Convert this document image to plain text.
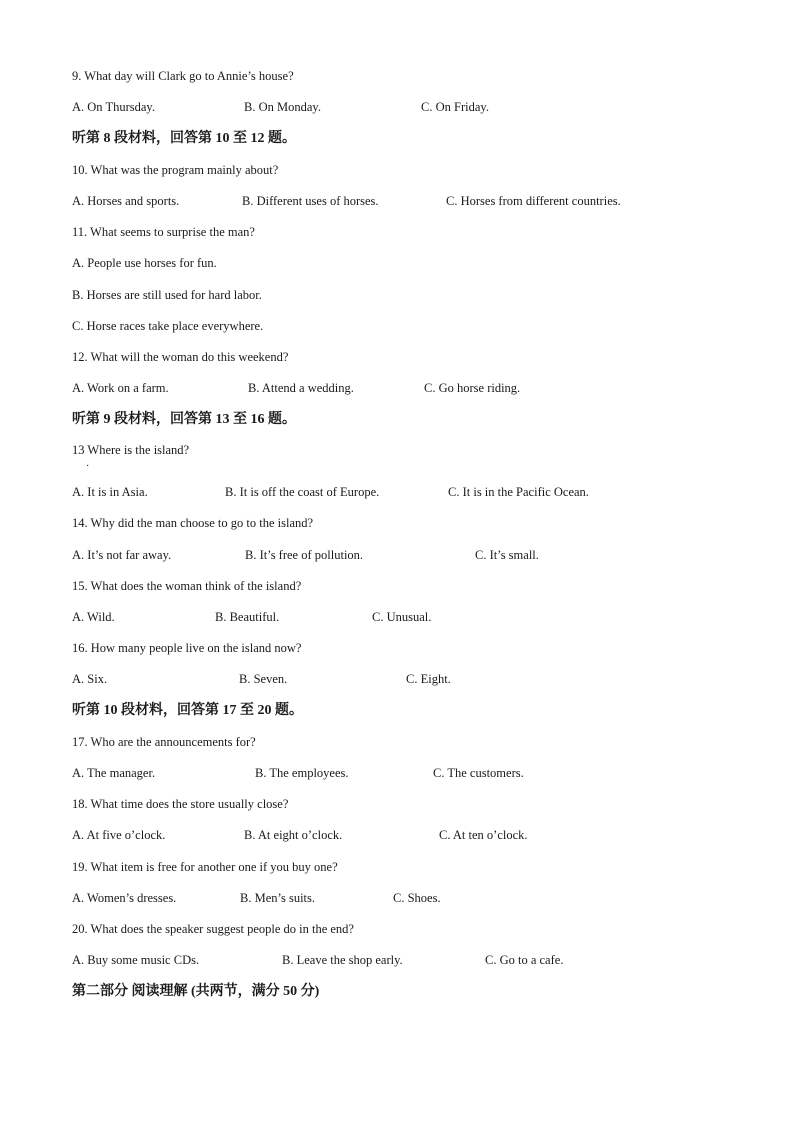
9. What day will Clark go to Annie’s house?
A. On Thursday.	B. On Monday.	C. On Friday.
听第 8 段材料，回答第 10 至 12 题。
10. What was the program mainly about?
A. Horses and sports.	B. Different uses of horses.	C. Horses from different countries.
11. What seems to surprise the man?
A. People use horses for fun.
B. Horses are still used for hard labor.
C. Horse races take place everywhere.
12. What will the woman do this weekend?
A. Work on a farm.	B. Attend a wedding.	C. Go horse riding.
听第 9 段材料，回答第 13 至 16 题。
13 Where is the island?
·
A. It is in Asia.	B. It is off the coast of Europe.	C. It is in the Pacific Ocean.
14. Why did the man choose to go to the island?
A. It’s not far away.	B. It’s free of pollution.	C. It’s small.
15. What does the woman think of the island?
A. Wild.	B. Beautiful.	C. Unusual.
16. How many people live on the island now?
A. Six.	B. Seven.	C. Eight.
听第 10 段材料，回答第 17 至 20 题。
17. Who are the announcements for?
A. The manager.	B. The employees.	C. The customers.
18. What time does the store usually close?
A. At five o’clock.	B. At eight o’clock.	C. At ten o’clock.
19. What item is free for another one if you buy one?
A. Women’s dresses.	B. Men’s suits.	C. Shoes.
20. What does the speaker suggest people do in the end?
A. Buy some music CDs.	B. Leave the shop early.	C. Go to a cafe.
第二部分 阅读理解 (共两节，满分 50 分)
